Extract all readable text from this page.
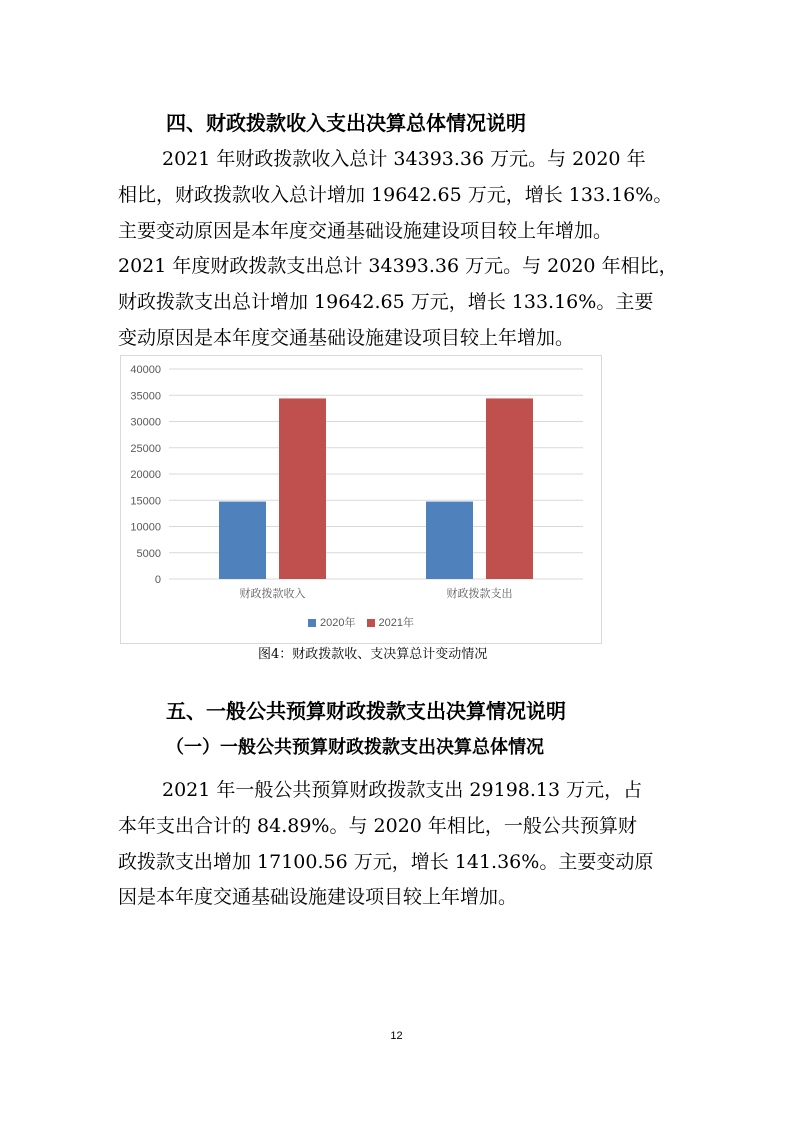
四、财政拨款收入支出决算总体情况说明
2021 年财政拨款收入总计 34393.36 万元。与 2020 年
相比，财政拨款收入总计增加 19642.65 万元，增长 133.16%。
主要变动原因是本年度交通基础设施建设项目较上年增加。
2021 年度财政拨款支出总计 34393.36 万元。与 2020 年相比，
财政拨款支出总计增加 19642.65 万元，增长 133.16%。主要
变动原因是本年度交通基础设施建设项目较上年增加。
0
5000
10000
15000
20000
25000
30000
35000
40000
财政拨款收入	财政拨款支出
2020年 2021年
图4：财政拨款收、支决算总计变动情况
五、一般公共预算财政拨款支出决算情况说明
（一）一般公共预算财政拨款支出决算总体情况
2021 年一般公共预算财政拨款支出 29198.13 万元，占
本年支出合计的 84.89%。与 2020 年相比，一般公共预算财
政拨款支出增加 17100.56 万元，增长 141.36%。主要变动原
因是本年度交通基础设施建设项目较上年增加。
12
